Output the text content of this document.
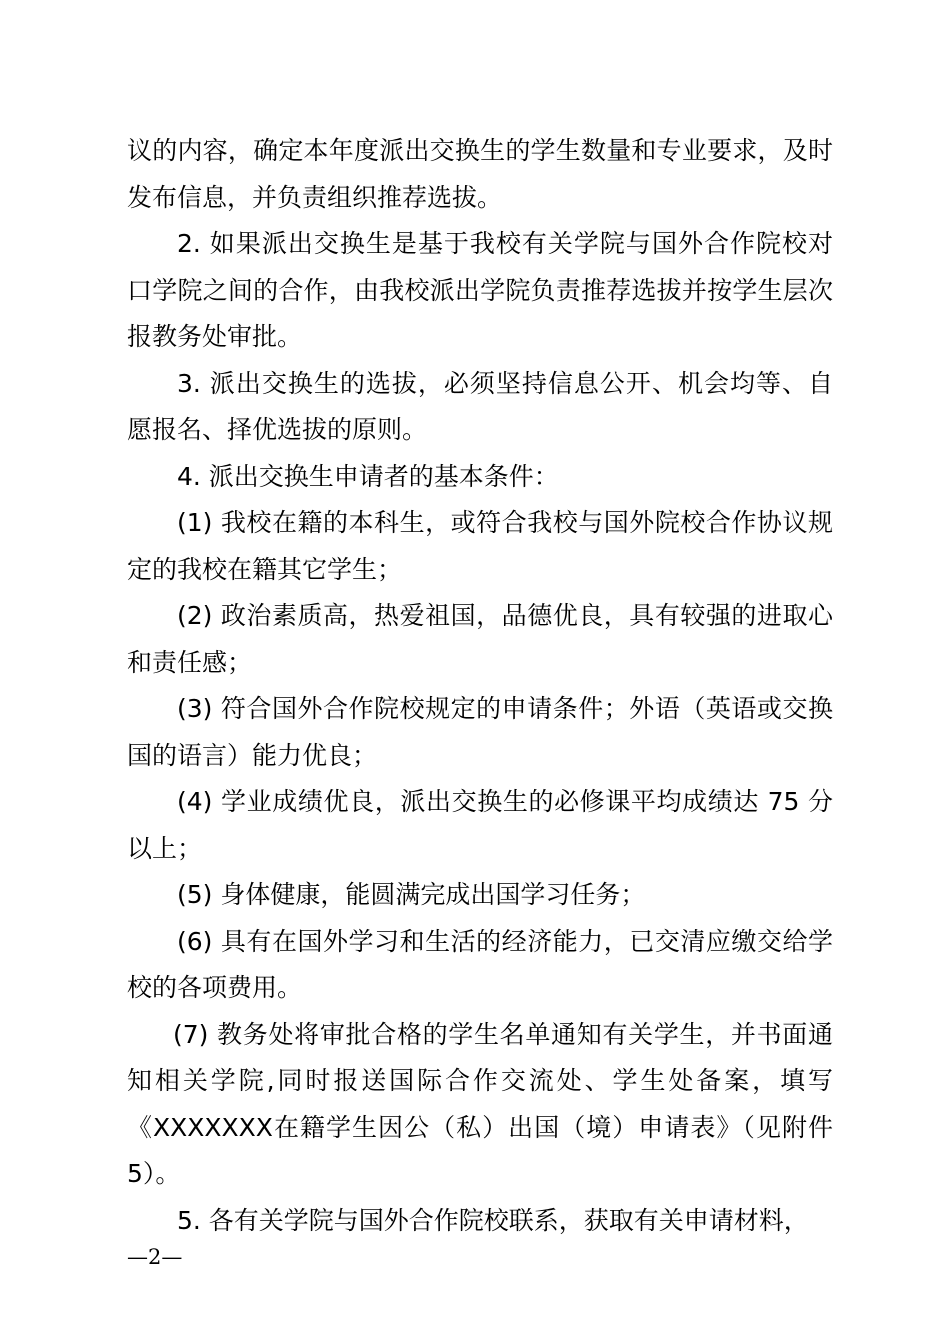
议的内容，确定本年度派出交换生的学生数量和专业要求，及时发布信息，并负责组织推荐选拔。

2. 如果派出交换生是基于我校有关学院与国外合作院校对口学院之间的合作，由我校派出学院负责推荐选拔并按学生层次报教务处审批。

3. 派出交换生的选拔，必须坚持信息公开、机会均等、自愿报名、择优选拔的原则。

4. 派出交换生申请者的基本条件：

(1) 我校在籍的本科生，或符合我校与国外院校合作协议规定的我校在籍其它学生；

(2) 政治素质高，热爱祖国，品德优良，具有较强的进取心和责任感；

(3) 符合国外合作院校规定的申请条件；外语（英语或交换国的语言）能力优良；

(4) 学业成绩优良，派出交换生的必修课平均成绩达 75 分以上；

(5) 身体健康，能圆满完成出国学习任务；

(6) 具有在国外学习和生活的经济能力，已交清应缴交给学校的各项费用。

(7) 教务处将审批合格的学生名单通知有关学生，并书面通知相关学院,同时报送国际合作交流处、学生处备案，填写《XXXXXXX在籍学生因公（私）出国（境）申请表》（见附件 5）。

5. 各有关学院与国外合作院校联系，获取有关申请材料，

—2—
